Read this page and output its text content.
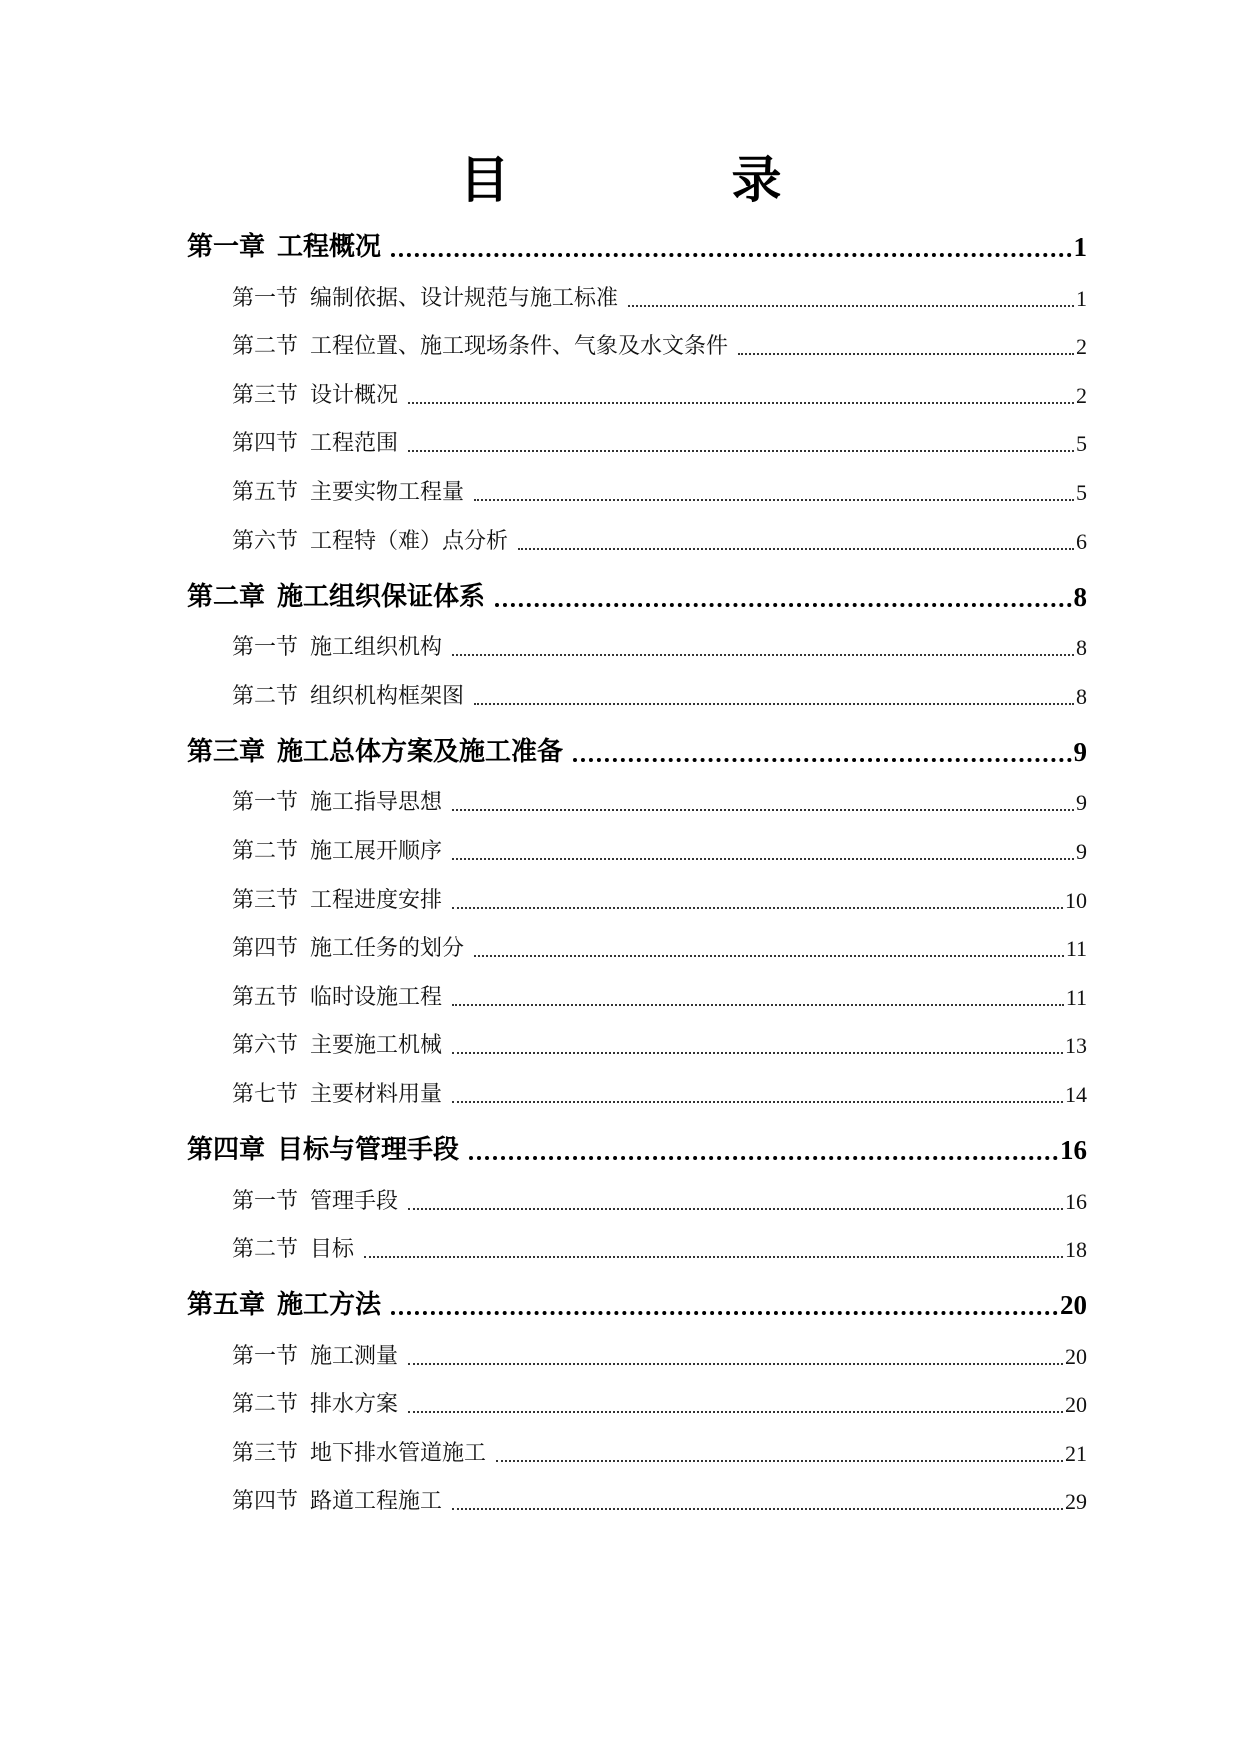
目　录
第一章 工程概况	1
第一节 编制依据、设计规范与施工标准	1
第二节 工程位置、施工现场条件、气象及水文条件	2
第三节 设计概况	2
第四节 工程范围	5
第五节 主要实物工程量	5
第六节 工程特（难）点分析	6
第二章 施工组织保证体系	8
第一节 施工组织机构	8
第二节 组织机构框架图	8
第三章 施工总体方案及施工准备	9
第一节 施工指导思想	9
第二节 施工展开顺序	9
第三节 工程进度安排	10
第四节 施工任务的划分	11
第五节 临时设施工程	11
第六节 主要施工机械	13
第七节 主要材料用量	14
第四章 目标与管理手段	16
第一节 管理手段	16
第二节 目标	18
第五章 施工方法	20
第一节 施工测量	20
第二节 排水方案	20
第三节 地下排水管道施工	21
第四节 路道工程施工	29
